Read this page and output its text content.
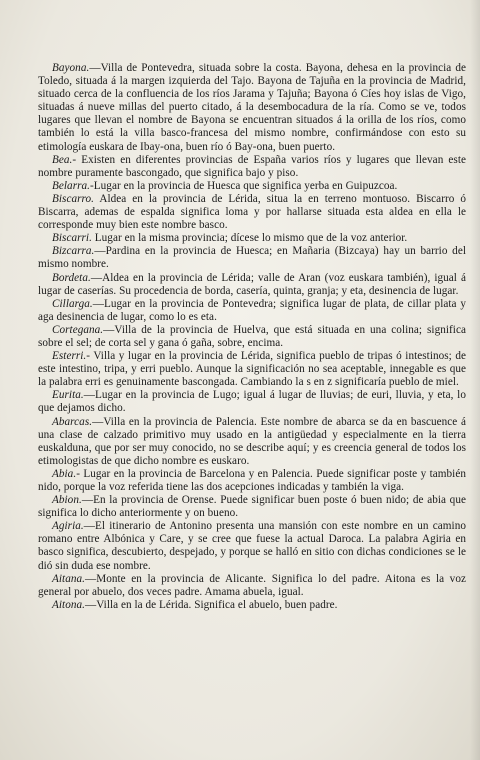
Bayona.—Villa de Pontevedra, situada sobre la costa. Bayona, dehesa en la provincia de Toledo, situada á la margen izquierda del Tajo. Bayona de Tajuña en la provincia de Madrid, situado cerca de la confluencia de los ríos Jarama y Tajuña; Bayona ó Cíes hoy islas de Vigo, situadas á nueve millas del puerto citado, á la desembocadura de la ría. Como se ve, todos lugares que llevan el nombre de Bayona se encuentran situados á la orilla de los ríos, como también lo está la villa basco-francesa del mismo nombre, confirmándose con esto su etimología euskara de Ibay-ona, buen río ó Bay-ona, buen puerto.

Bea.- Existen en diferentes provincias de España varios ríos y lugares que llevan este nombre puramente bascongado, que significa bajo y piso.

Belarra.-Lugar en la provincia de Huesca que significa yerba en Guipuzcoa.

Biscarro. Aldea en la provincia de Lérida, situa la en terreno montuoso. Biscarro ó Biscarra, ademas de espalda significa loma y por hallarse situada esta aldea en ella le corresponde muy bien este nombre basco.

Biscarri. Lugar en la misma provincia; dícese lo mismo que de la voz anterior.

Bizcarra.—Pardina en la provincia de Huesca; en Mañaria (Bizcaya) hay un barrio del mismo nombre.

Bordeta.—Aldea en la provincia de Lérida; valle de Aran (voz euskara también), igual á lugar de caserías. Su procedencia de borda, casería, quinta, granja; y eta, desinencia de lugar.

Cillarga.—Lugar en la provincia de Pontevedra; significa lugar de plata, de cillar plata y aga desinencia de lugar, como lo es eta.

Cortegana.—Villa de la provincia de Huelva, que está situada en una colina; significa sobre el sel; de corta sel y gana ó gaña, sobre, encima.

Esterri.- Villa y lugar en la provincia de Lérida, significa pueblo de tripas ó intestinos; de este intestino, tripa, y erri pueblo. Aunque la significación no sea aceptable, innegable es que la palabra erri es genuinamente bascongada. Cambiando la s en z significaría pueblo de miel.

Eurita.—Lugar en la provincia de Lugo; igual á lugar de lluvias; de euri, lluvia, y eta, lo que dejamos dicho.

Abarcas.—Villa en la provincia de Palencia. Este nombre de abarca se da en bascuence á una clase de calzado primitivo muy usado en la antigüedad y especialmente en la tierra euskalduna, que por ser muy conocido, no se describe aquí; y es creencia general de todos los etimologistas de que dicho nombre es euskaro.

Abia.- Lugar en la provincia de Barcelona y en Palencia. Puede significar poste y también nido, porque la voz referida tiene las dos acepciones indicadas y también la viga.

Abion.—En la provincia de Orense. Puede significar buen poste ó buen nido; de abia que significa lo dicho anteriormente y on bueno.

Agiria.—El itinerario de Antonino presenta una mansión con este nombre en un camino romano entre Albónica y Care, y se cree que fuese la actual Daroca. La palabra Agiria en basco significa, descubierto, despejado, y porque se halló en sitio con dichas condiciones se le dió sin duda ese nombre.

Aitana.—Monte en la provincia de Alicante. Significa lo del padre. Aitona es la voz general por abuelo, dos veces padre. Amama abuela, igual.

Aitona.—Villa en la de Lérida. Significa el abuelo, buen padre.
